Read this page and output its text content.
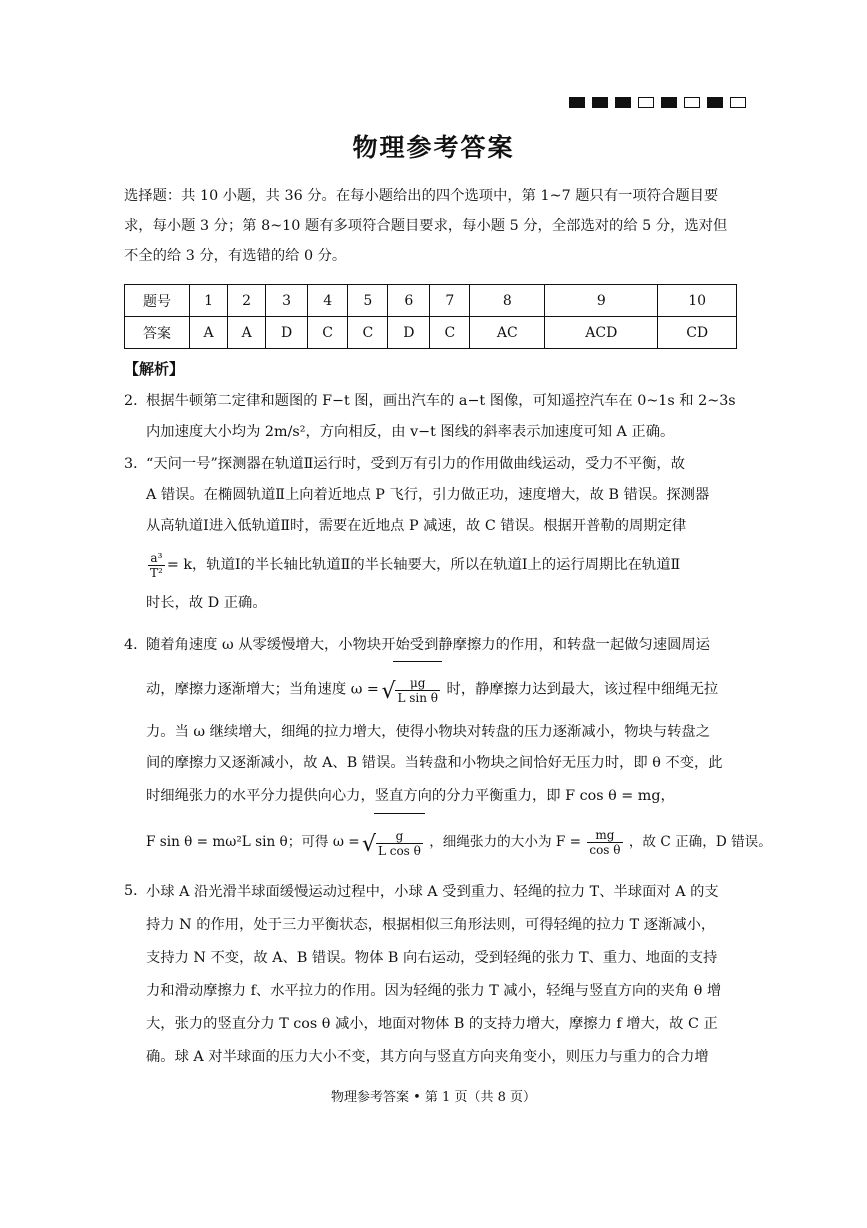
物理参考答案

选择题：共 10 小题，共 36 分。在每小题给出的四个选项中，第 1~7 题只有一项符合题目要

求，每小题 3 分；第 8~10 题有多项符合题目要求，每小题 5 分，全部选对的给 5 分，选对但

不全的给 3 分，有选错的给 0 分。

题号	1	2	3	4	5	6	7	8	9	10
答案	A	A	D	C	C	D	C	AC	ACD	CD
【解析】
2．

根据牛顿第二定律和题图的 F−t 图，画出汽车的 a−t 图像，可知遥控汽车在 0~1s 和 2~3s

内加速度大小均为 2m/s²，方向相反，由 v−t 图线的斜率表示加速度可知 A 正确。

3．

“天问一号”探测器在轨道Ⅱ运行时，受到万有引力的作用做曲线运动，受力不平衡，故

A 错误。在椭圆轨道Ⅱ上向着近地点 P 飞行，引力做正功，速度增大，故 B 错误。探测器

从高轨道Ⅰ进入低轨道Ⅱ时，需要在近地点 P 减速，故 C 错误。根据开普勒的周期定律

$\frac{\text{a³}}{\text{T²}} = k$，轨道Ⅰ的半长轴比轨道Ⅱ的半长轴要大，所以在轨道Ⅰ上的运行周期比在轨道Ⅱ

时长，故 D 正确。

4．

随着角速度 ω 从零缓慢增大，小物块开始受到静摩擦力的作用，和转盘一起做匀速圆周运

动，摩擦力逐渐增大；当角速度 ω = √ $\frac{\mu g}{\text{L sin θ}}$ 时，静摩擦力达到最大，该过程中细绳无拉

力。当 ω 继续增大，细绳的拉力增大，使得小物块对转盘的压力逐渐减小，物块与转盘之

间的摩擦力又逐渐减小，故 A、B 错误。当转盘和小物块之间恰好无压力时，即 θ 不变，此

时细绳张力的水平分力提供向心力，竖直方向的分力平衡重力，即 F cos θ = mg，

F sin θ = mω²L sin θ；可得 ω = √ $\frac{g}{\text{L cos θ}}$ ，细绳张力的大小为 $F = \frac{mg}{\text{cos θ}}$ ，故 C 正确，D 错误。

5．

小球 A 沿光滑半球面缓慢运动过程中，小球 A 受到重力、轻绳的拉力 T、半球面对 A 的支

持力 N 的作用，处于三力平衡状态，根据相似三角形法则，可得轻绳的拉力 T 逐渐减小，

支持力 N 不变，故 A、B 错误。物体 B 向右运动，受到轻绳的张力 T、重力、地面的支持

力和滑动摩擦力 f、水平拉力的作用。因为轻绳的张力 T 减小，轻绳与竖直方向的夹角 θ 增

大，张力的竖直分力 T cos θ 减小，地面对物体 B 的支持力增大，摩擦力 f 增大，故 C 正

确。球 A 对半球面的压力大小不变，其方向与竖直方向夹角变小，则压力与重力的合力增

物理参考答案 • 第 1 页（共 8 页）
